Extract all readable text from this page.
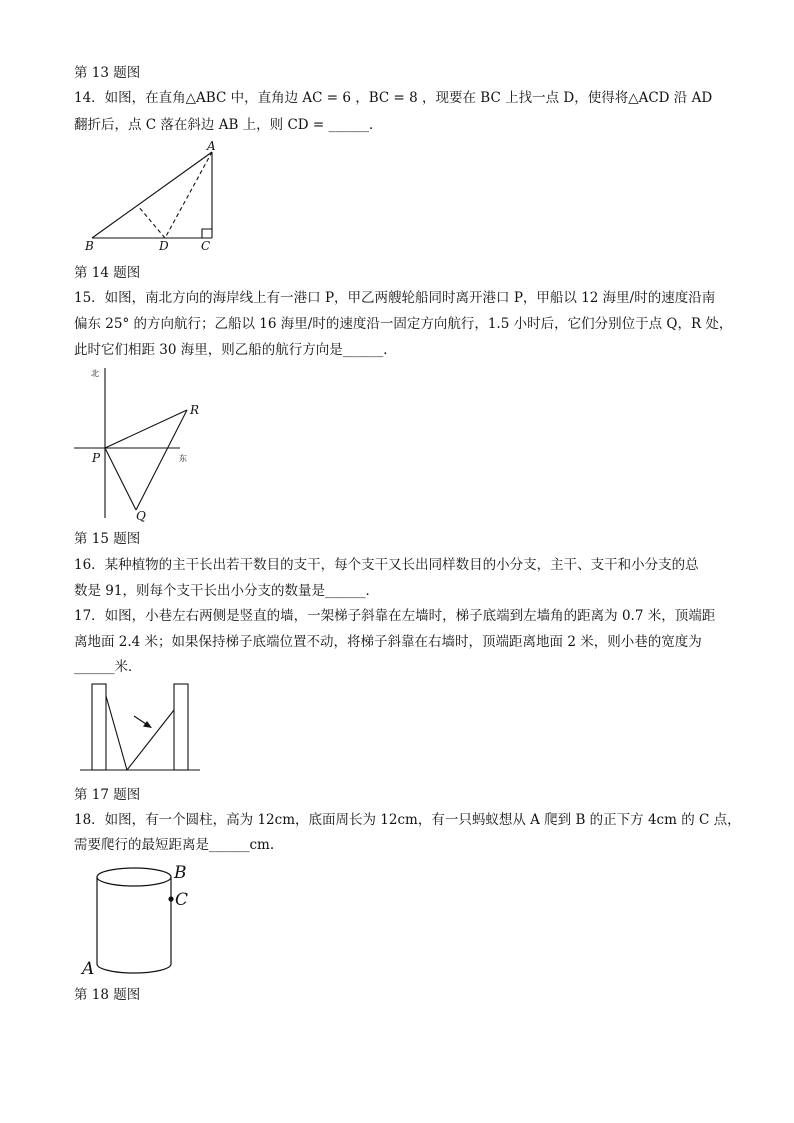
第 13 题图
14．如图，在直角△ABC 中，直角边 AC = 6 ，BC = 8 ，现要在 BC 上找一点 D，使得将△ACD 沿 AD
翻折后，点 C 落在斜边 AB 上，则 CD = ______．
A
B	D	C
第 14 题图
15．如图，南北方向的海岸线上有一港口 P，甲乙两艘轮船同时离开港口 P，甲船以 12 海里/时的速度沿南
偏东 25° 的方向航行；乙船以 16 海里/时的速度沿一固定方向航行，1.5 小时后，它们分别位于点 Q，R 处，
此时它们相距 30 海里，则乙船的航行方向是______．
北
东
P
R
Q
第 15 题图
16．某种植物的主干长出若干数目的支干，每个支干又长出同样数目的小分支，主干、支干和小分支的总
数是 91，则每个支干长出小分支的数量是______．
17．如图，小巷左右两侧是竖直的墙，一架梯子斜靠在左墙时，梯子底端到左墙角的距离为 0.7 米，顶端距
离地面 2.4 米；如果保持梯子底端位置不动，将梯子斜靠在右墙时，顶端距离地面 2 米，则小巷的宽度为
______米．
第 17 题图
18．如图，有一个圆柱，高为 12cm，底面周长为 12cm，有一只蚂蚁想从 A 爬到 B 的正下方 4cm 的 C 点，
需要爬行的最短距离是______cm.
B
C
A
第 18 题图
